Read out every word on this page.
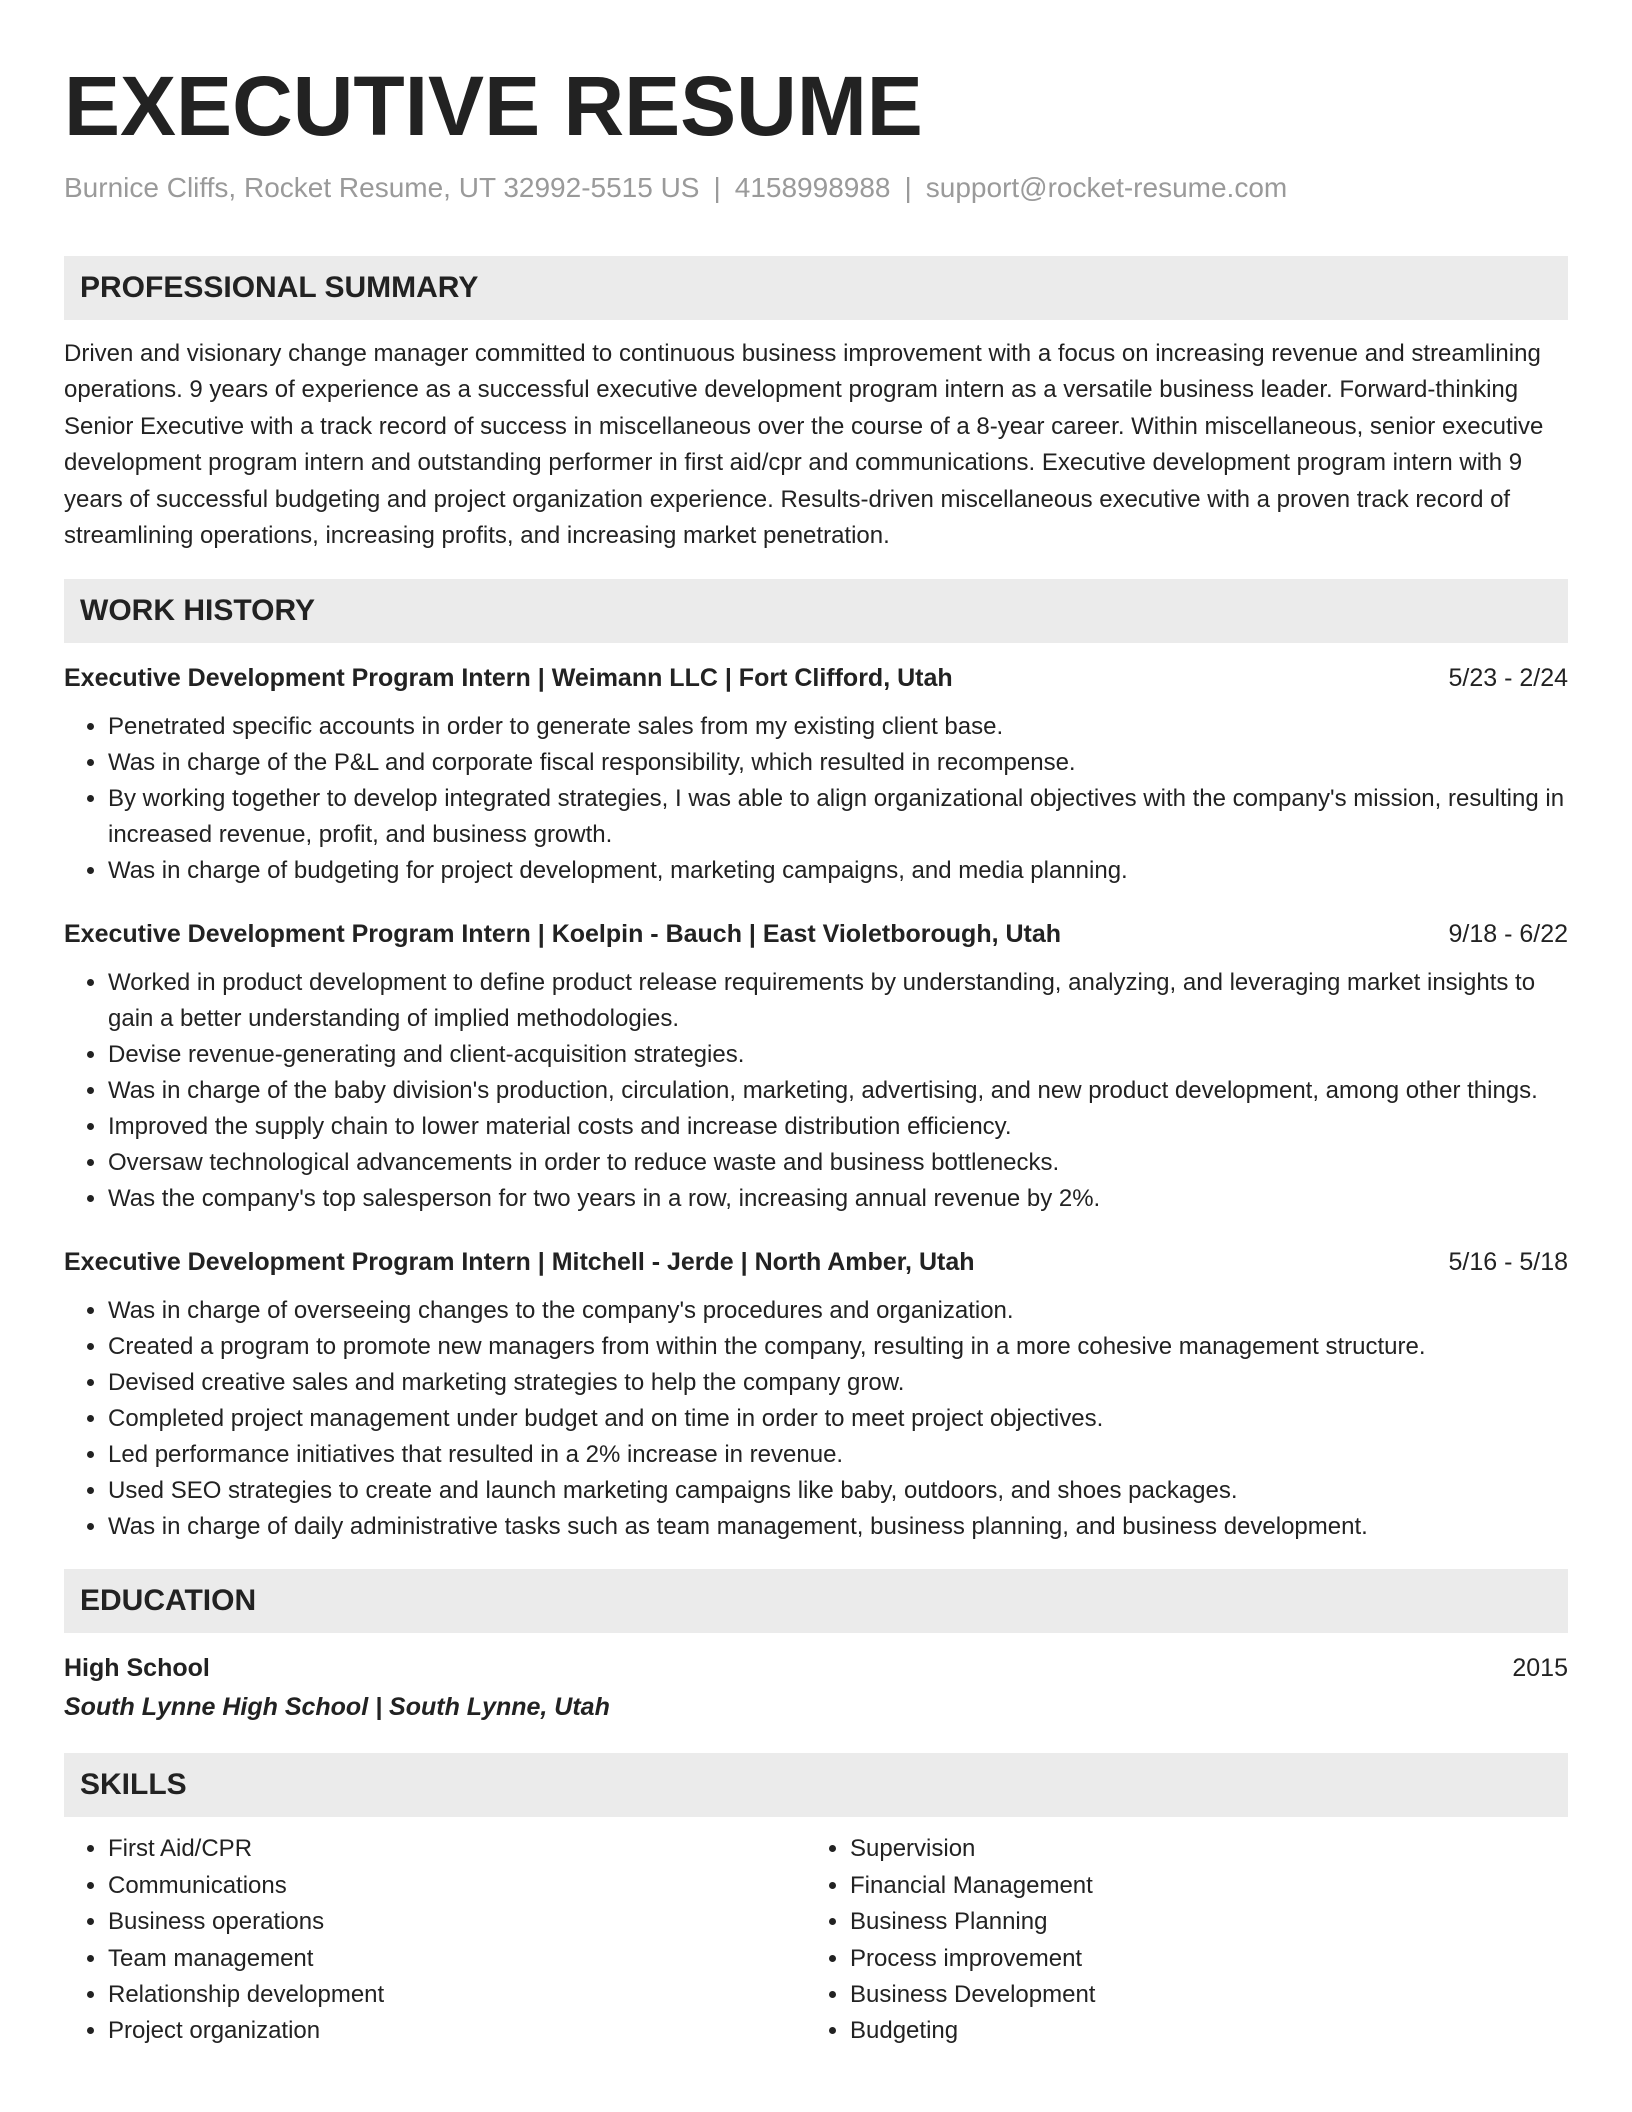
EXECUTIVE RESUME
Burnice Cliffs, Rocket Resume, UT 32992-5515 US | 4158998988 | support@rocket-resume.com
PROFESSIONAL SUMMARY

Driven and visionary change manager committed to continuous business improvement with a focus on increasing revenue and streamlining operations. 9 years of experience as a successful executive development program intern as a versatile business leader. Forward-thinking Senior Executive with a track record of success in miscellaneous over the course of a 8-year career. Within miscellaneous, senior executive development program intern and outstanding performer in first aid/cpr and communications. Executive development program intern with 9 years of successful budgeting and project organization experience. Results-driven miscellaneous executive with a proven track record of streamlining operations, increasing profits, and increasing market penetration.

WORK HISTORY
Executive Development Program Intern | Weimann LLC | Fort Clifford, Utah	5/23 - 2/24
• Penetrated specific accounts in order to generate sales from my existing client base.
• Was in charge of the P&L and corporate fiscal responsibility, which resulted in recompense.
• By working together to develop integrated strategies, I was able to align organizational objectives with the company's mission, resulting in increased revenue, profit, and business growth.
• Was in charge of budgeting for project development, marketing campaigns, and media planning.
Executive Development Program Intern | Koelpin - Bauch | East Violetborough, Utah	9/18 - 6/22
• Worked in product development to define product release requirements by understanding, analyzing, and leveraging market insights to gain a better understanding of implied methodologies.
• Devise revenue-generating and client-acquisition strategies.
• Was in charge of the baby division's production, circulation, marketing, advertising, and new product development, among other things.
• Improved the supply chain to lower material costs and increase distribution efficiency.
• Oversaw technological advancements in order to reduce waste and business bottlenecks.
• Was the company's top salesperson for two years in a row, increasing annual revenue by 2%.
Executive Development Program Intern | Mitchell - Jerde | North Amber, Utah	5/16 - 5/18
• Was in charge of overseeing changes to the company's procedures and organization.
• Created a program to promote new managers from within the company, resulting in a more cohesive management structure.
• Devised creative sales and marketing strategies to help the company grow.
• Completed project management under budget and on time in order to meet project objectives.
• Led performance initiatives that resulted in a 2% increase in revenue.
• Used SEO strategies to create and launch marketing campaigns like baby, outdoors, and shoes packages.
• Was in charge of daily administrative tasks such as team management, business planning, and business development.
EDUCATION
High School	2015
South Lynne High School | South Lynne, Utah
SKILLS
• First Aid/CPR
• Communications
• Business operations
• Team management
• Relationship development
• Project organization
• Supervision
• Financial Management
• Business Planning
• Process improvement
• Business Development
• Budgeting
